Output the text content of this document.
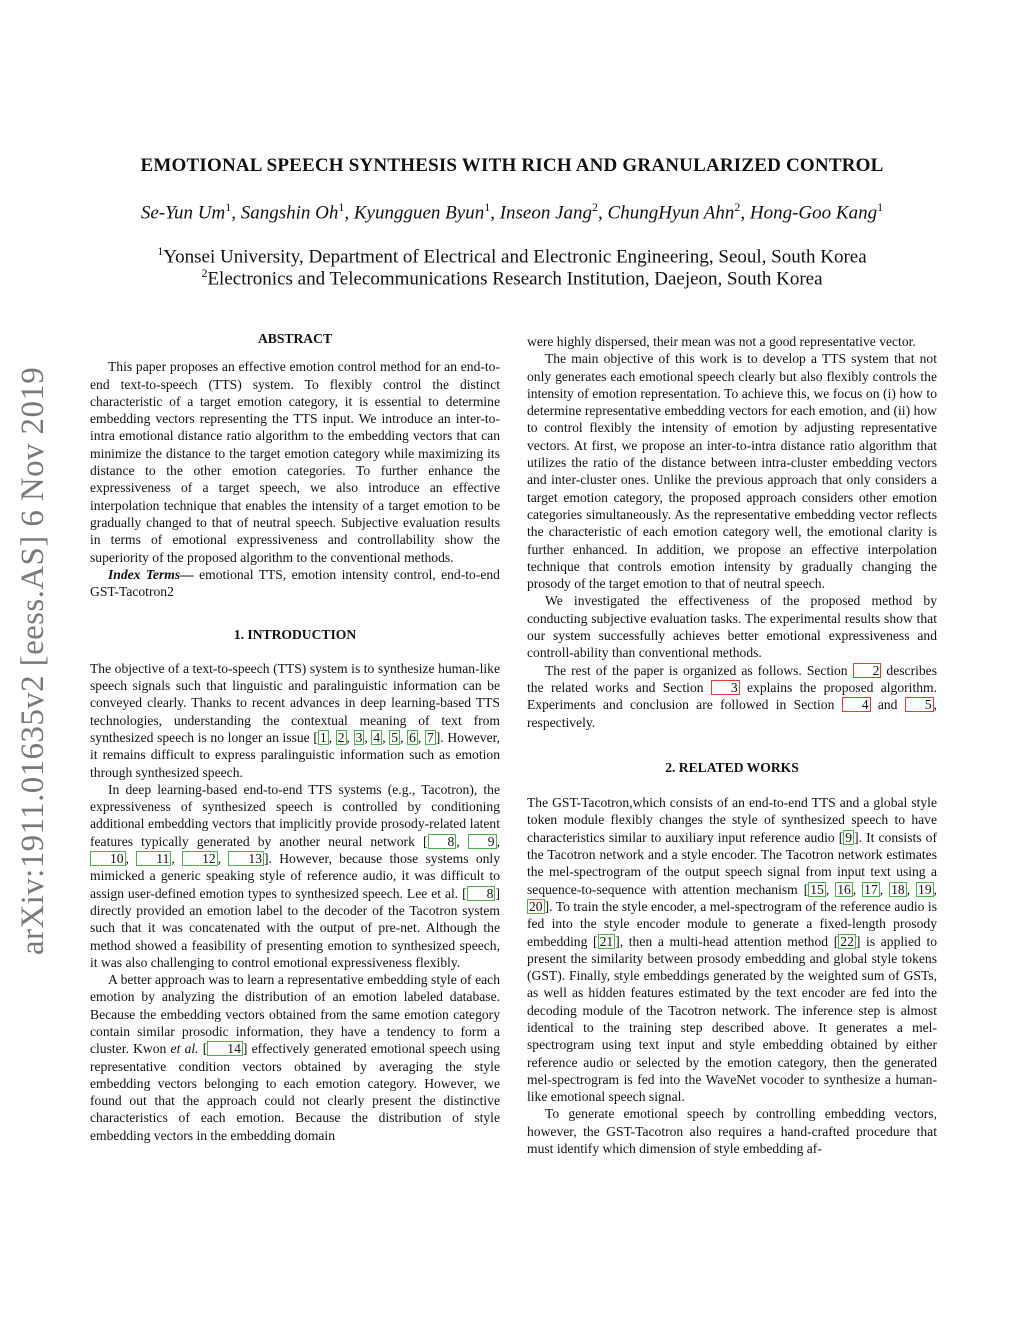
arXiv:1911.01635v2 [eess.AS] 6 Nov 2019
EMOTIONAL SPEECH SYNTHESIS WITH RICH AND GRANULARIZED CONTROL
Se-Yun Um$^1$, Sangshin Oh$^1$, Kyungguen Byun$^1$, Inseon Jang$^2$, ChungHyun Ahn$^2$, Hong-Goo Kang$^1$
$^1$Yonsei University, Department of Electrical and Electronic Engineering, Seoul, South Korea
$^2$Electronics and Telecommunications Research Institution, Daejeon, South Korea
ABSTRACT

This paper proposes an effective emotion control method for an end-to-end text-to-speech (TTS) system. To flexibly control the distinct characteristic of a target emotion category, it is essential to determine embedding vectors representing the TTS input. We introduce an inter-to-intra emotional distance ratio algorithm to the embedding vectors that can minimize the distance to the target emotion category while maximizing its distance to the other emotion categories. To further enhance the expressiveness of a target speech, we also introduce an effective interpolation technique that enables the intensity of a target emotion to be gradually changed to that of neutral speech. Subjective evaluation results in terms of emotional expressiveness and controllability show the superiority of the proposed algorithm to the conventional methods.

Index Terms— emotional TTS, emotion intensity control, end-to-end GST-Tacotron2

1. INTRODUCTION

The objective of a text-to-speech (TTS) system is to synthesize human-like speech signals such that linguistic and paralinguistic information can be conveyed clearly. Thanks to recent advances in deep learning-based TTS technologies, understanding the contextual meaning of text from synthesized speech is no longer an issue [ 1 , 2 , 3 , 4 , 5 , 6 , 7 ]. However, it remains difficult to express paralinguistic information such as emotion through synthesized speech.

In deep learning-based end-to-end TTS systems (e.g., Tacotron), the expressiveness of synthesized speech is controlled by conditioning additional embedding vectors that implicitly provide prosody-related latent features typically generated by another neural network [ 8 , 9 , 10 , 11 , 12 , 13 ]. However, because those systems only mimicked a generic speaking style of reference audio, it was difficult to assign user-defined emotion types to synthesized speech. Lee et al. [ 8 ] directly provided an emotion label to the decoder of the Tacotron system such that it was concatenated with the output of pre-net. Although the method showed a feasibility of presenting emotion to synthesized speech, it was also challenging to control emotional expressiveness flexibly.

A better approach was to learn a representative embedding style of each emotion by analyzing the distribution of an emotion labeled database. Because the embedding vectors obtained from the same emotion category contain similar prosodic information, they have a tendency to form a cluster. Kwon et al. [ 14 ] effectively generated emotional speech using representative condition vectors obtained by averaging the style embedding vectors belonging to each emotion category. However, we found out that the approach could not clearly present the distinctive characteristics of each emotion. Because the distribution of style embedding vectors in the embedding domain

were highly dispersed, their mean was not a good representative vector.

The main objective of this work is to develop a TTS system that not only generates each emotional speech clearly but also flexibly controls the intensity of emotion representation. To achieve this, we focus on (i) how to determine representative embedding vectors for each emotion, and (ii) how to control flexibly the intensity of emotion by adjusting representative vectors. At first, we propose an inter-to-intra distance ratio algorithm that utilizes the ratio of the distance between intra-cluster embedding vectors and inter-cluster ones. Unlike the previous approach that only considers a target emotion category, the proposed approach considers other emotion categories simultaneously. As the representative embedding vector reflects the characteristic of each emotion category well, the emotional clarity is further enhanced. In addition, we propose an effective interpolation technique that controls emotion intensity by gradually changing the prosody of the target emotion to that of neutral speech.

We investigated the effectiveness of the proposed method by conducting subjective evaluation tasks. The experimental results show that our system successfully achieves better emotional expressiveness and controll-ability than conventional methods.

The rest of the paper is organized as follows. Section 2 describes the related works and Section 3 explains the proposed algorithm. Experiments and conclusion are followed in Section 4 and 5 , respectively.

2. RELATED WORKS

The GST-Tacotron,which consists of an end-to-end TTS and a global style token module flexibly changes the style of synthesized speech to have characteristics similar to auxiliary input reference audio [ 9 ]. It consists of the Tacotron network and a style encoder. The Tacotron network estimates the mel-spectrogram of the output speech signal from input text using a sequence-to-sequence with attention mechanism [ 15 , 16 , 17 , 18 , 19 , 20 ]. To train the style encoder, a mel-spectrogram of the reference audio is fed into the style encoder module to generate a fixed-length prosody embedding [ 21 ], then a multi-head attention method [ 22 ] is applied to present the similarity between prosody embedding and global style tokens (GST). Finally, style embeddings generated by the weighted sum of GSTs, as well as hidden features estimated by the text encoder are fed into the decoding module of the Tacotron network. The inference step is almost identical to the training step described above. It generates a mel-spectrogram using text input and style embedding obtained by either reference audio or selected by the emotion category, then the generated mel-spectrogram is fed into the WaveNet vocoder to synthesize a human-like emotional speech signal.

To generate emotional speech by controlling embedding vectors, however, the GST-Tacotron also requires a hand-crafted procedure that must identify which dimension of style embedding af-
